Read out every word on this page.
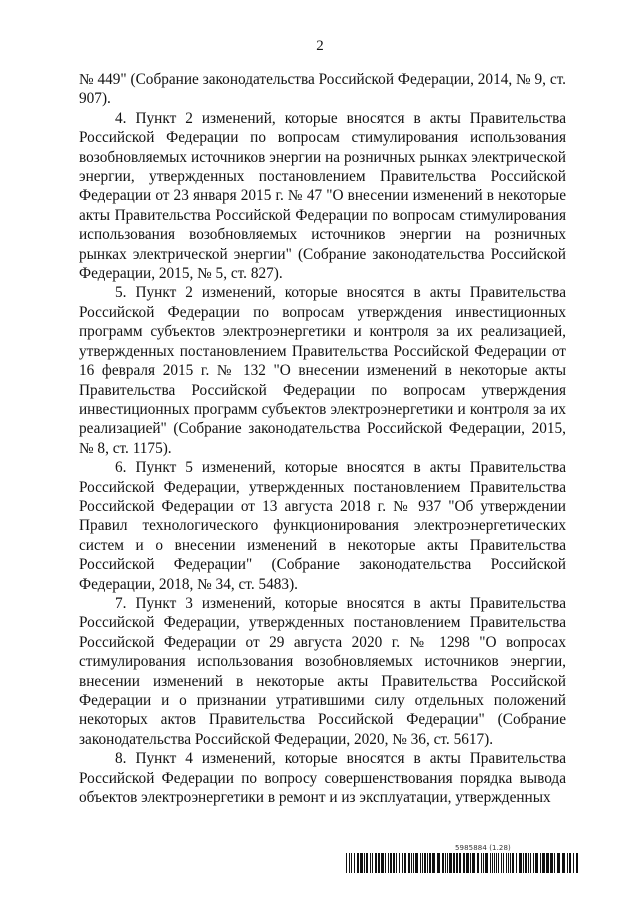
2

№ 449" (Собрание законодательства Российской Федерации, 2014, № 9, ст. 907).

4. Пункт 2 изменений, которые вносятся в акты Правительства Российской Федерации по вопросам стимулирования использования возобновляемых источников энергии на розничных рынках электрической энергии, утвержденных постановлением Правительства Российской Федерации от 23 января 2015 г. № 47 "О внесении изменений в некоторые акты Правительства Российской Федерации по вопросам стимулирования использования возобновляемых источников энергии на розничных рынках электрической энергии" (Собрание законодательства Российской Федерации, 2015, № 5, ст. 827).

5. Пункт 2 изменений, которые вносятся в акты Правительства Российской Федерации по вопросам утверждения инвестиционных программ субъектов электроэнергетики и контроля за их реализацией, утвержденных постановлением Правительства Российской Федерации от 16 февраля 2015 г. № 132 "О внесении изменений в некоторые акты Правительства Российской Федерации по вопросам утверждения инвестиционных программ субъектов электроэнергетики и контроля за их реализацией" (Собрание законодательства Российской Федерации, 2015, № 8, ст. 1175).

6. Пункт 5 изменений, которые вносятся в акты Правительства Российской Федерации, утвержденных постановлением Правительства Российской Федерации от 13 августа 2018 г. № 937 "Об утверждении Правил технологического функционирования электроэнергетических систем и о внесении изменений в некоторые акты Правительства Российской Федерации" (Собрание законодательства Российской Федерации, 2018, № 34, ст. 5483).

7. Пункт 3 изменений, которые вносятся в акты Правительства Российской Федерации, утвержденных постановлением Правительства Российской Федерации от 29 августа 2020 г. № 1298 "О вопросах стимулирования использования возобновляемых источников энергии, внесении изменений в некоторые акты Правительства Российской Федерации и о признании утратившими силу отдельных положений некоторых актов Правительства Российской Федерации" (Собрание законодательства Российской Федерации, 2020, № 36, ст. 5617).

8. Пункт 4 изменений, которые вносятся в акты Правительства Российской Федерации по вопросу совершенствования порядка вывода объектов электроэнергетики в ремонт и из эксплуатации, утвержденных

5985884 (1.28)
